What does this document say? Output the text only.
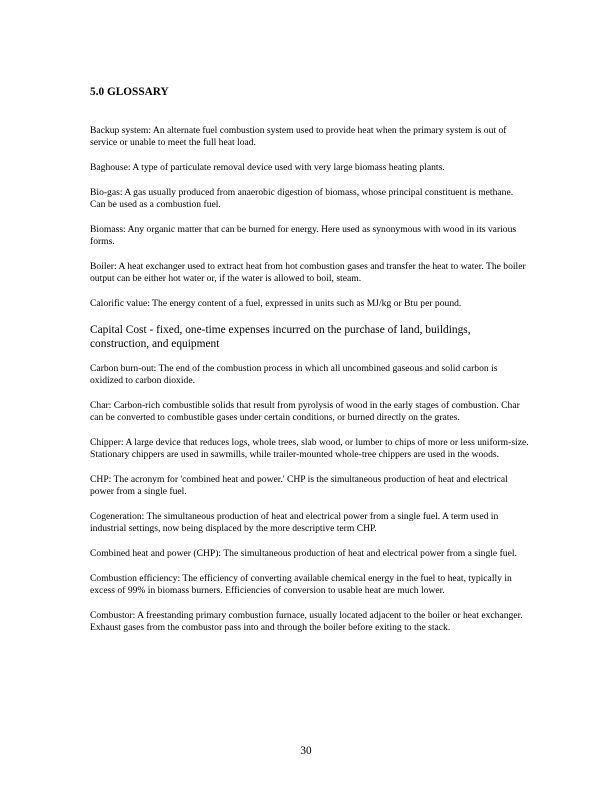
5.0 GLOSSARY
Backup system: An alternate fuel combustion system used to provide heat when the primary system is out of service or unable to meet the full heat load.
Baghouse: A type of particulate removal device used with very large biomass heating plants.
Bio-gas: A gas usually produced from anaerobic digestion of biomass, whose principal constituent is methane. Can be used as a combustion fuel.
Biomass: Any organic matter that can be burned for energy. Here used as synonymous with wood in its various forms.
Boiler: A heat exchanger used to extract heat from hot combustion gases and transfer the heat to water. The boiler output can be either hot water or, if the water is allowed to boil, steam.
Calorific value: The energy content of a fuel, expressed in units such as MJ/kg or Btu per pound.
Capital Cost - fixed, one-time expenses incurred on the purchase of land, buildings, construction, and equipment
Carbon burn-out: The end of the combustion process in which all uncombined gaseous and solid carbon is oxidized to carbon dioxide.
Char: Carbon-rich combustible solids that result from pyrolysis of wood in the early stages of combustion. Char can be converted to combustible gases under certain conditions, or burned directly on the grates.
Chipper: A large device that reduces logs, whole trees, slab wood, or lumber to chips of more or less uniform-size. Stationary chippers are used in sawmills, while trailer-mounted whole-tree chippers are used in the woods.
CHP: The acronym for 'combined heat and power.' CHP is the simultaneous production of heat and electrical power from a single fuel.
Cogeneration: The simultaneous production of heat and electrical power from a single fuel. A term used in industrial settings, now being displaced by the more descriptive term CHP.
Combined heat and power (CHP): The simultaneous production of heat and electrical power from a single fuel.
Combustion efficiency: The efficiency of converting available chemical energy in the fuel to heat, typically in excess of 99% in biomass burners. Efficiencies of conversion to usable heat are much lower.
Combustor: A freestanding primary combustion furnace, usually located adjacent to the boiler or heat exchanger. Exhaust gases from the combustor pass into and through the boiler before exiting to the stack.
30
